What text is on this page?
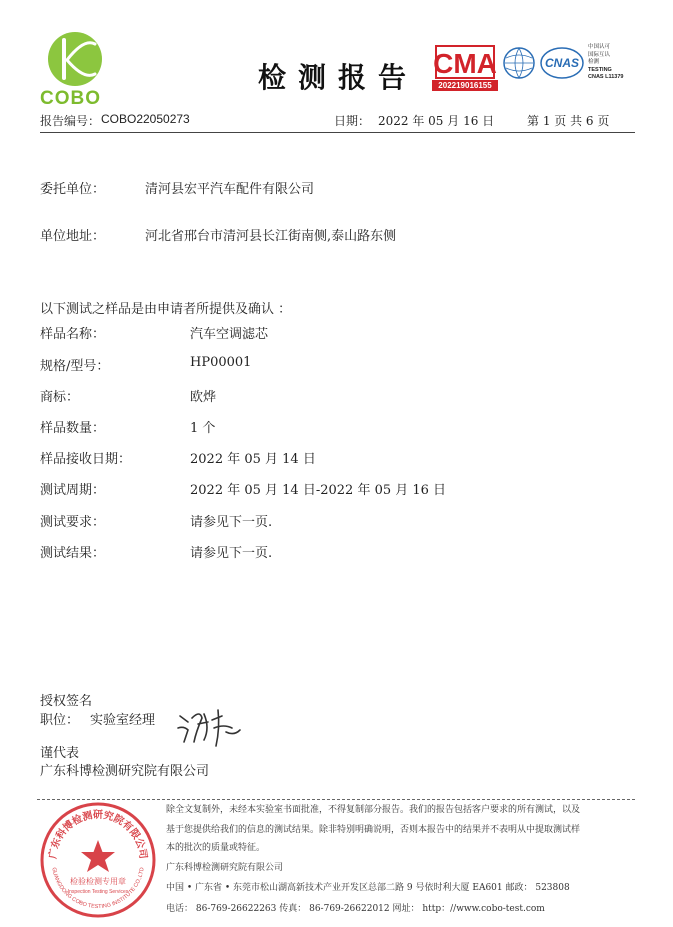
COBO
检测报告 CMA
202219016155
CNAS
中国认可
国际互认
检测
TESTING
CNAS L11379
报告编号： COBO22050273	日期： 2022 年 05 月 16 日	第 1 页 共 6 页
委托单位：	清河县宏平汽车配件有限公司
单位地址：	河北省邢台市清河县长江街南侧,泰山路东侧
以下测试之样品是由申请者所提供及确认 ：
样品名称：	汽车空调滤芯
规格/型号：	HP00001
商标：	欧烨
样品数量：	1 个
样品接收日期：	2022 年 05 月 14 日
测试周期：	2022 年 05 月 14 日-2022 年 05 月 16 日
测试要求：	请参见下一页.
测试结果：	请参见下一页.
授权签名
职位： 实验室经理
谨代表
广东科博检测研究院有限公司
广东科博检测研究院有限公司
GUANGDONG COBO TESTING INSTITUTE CO.,LTD
检验检测专用章
Inspection Testing Services
除全文复制外，未经本实验室书面批准，不得复制部分报告。我们的报告包括客户要求的所有测试，以及
基于您提供给我们的信息的测试结果。除非特别明确说明，否则本报告中的结果并不表明从中提取测试样
本的批次的质量或特征。
广东科博检测研究院有限公司
中国 • 广东省 • 东莞市松山湖高新技术产业开发区总部二路 9 号依时利大厦 EA601 邮政： 523808
电话： 86-769-26622263 传真： 86-769-26622012 网址： http：//www.cobo-test.com
